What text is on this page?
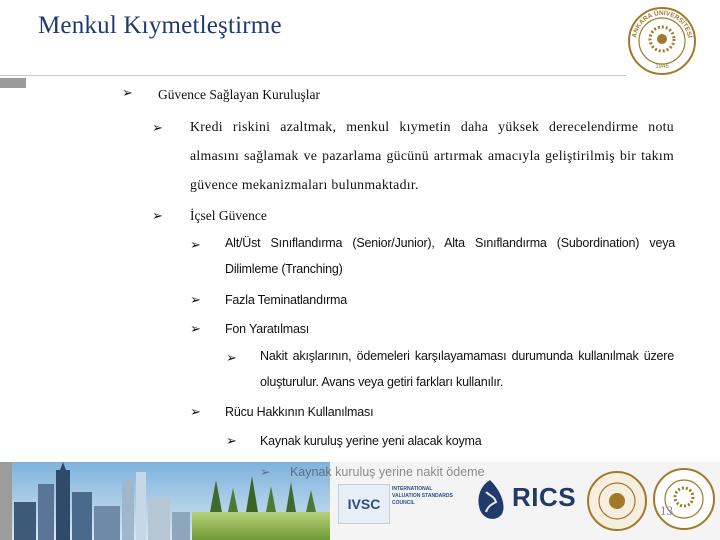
Menkul Kıymetleştirme	ANKARA ÜNİVERSİTESİ
1946
➢ Güvence Sağlayan Kuruluşlar
➢ Kredi riskini azaltmak, menkul kıymetin daha yüksek derecelendirme notu almasını sağlamak ve pazarlama gücünü artırmak amacıyla geliştirilmiş bir takım güvence mekanizmaları bulunmaktadır.
➢ İçsel Güvence
➢ Alt/Üst Sınıflandırma (Senior/Junior), Alta Sınıflandırma (Subordination) veya Dilimleme (Tranching)
➢ Fazla Teminatlandırma
➢ Fon Yaratılması
➢ Nakit akışlarının, ödemeleri karşılayamaması durumunda kullanılmak üzere oluşturulur. Avans veya getiri farkları kullanılır.
➢ Rücu Hakkının Kullanılması
➢ Kaynak kuruluş yerine yeni alacak koyma
➢ Kaynak kuruluş yerine nakit ödeme
IVSC
INTERNATIONAL VALUATION STANDARDS COUNCIL	RICS	13
